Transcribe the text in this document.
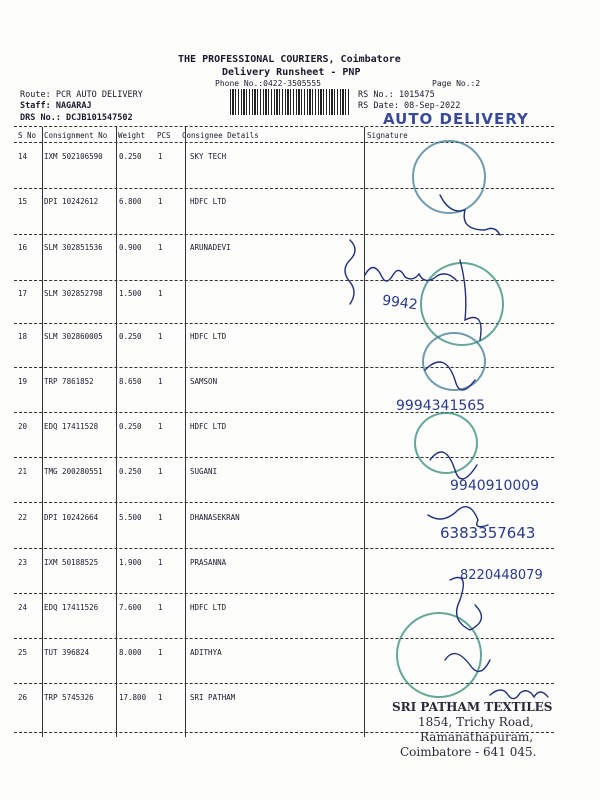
THE PROFESSIONAL COURIERS, Coimbatore
Delivery Runsheet - PNP
Phone No.:0422-3505555	Page No.:2
Route: PCR AUTO DELIVERY
Staff: NAGARAJ
DRS No.: DCJB101547502
RS No.: 1015475
RS Date: 08-Sep-2022
AUTO DELIVERY
S No Consignment No Weight PCS Consignee Details	Signature
14 IXM 502106590 0.250 1	SKY TECH
15 DPI 10242612	6.800 1	HDFC LTD
16 SLM 302851536 0.900 1	ARUNADEVI
17 SLM 302852798 1.500 1
18 SLM 302860005 0.250 1	HDFC LTD
19 TRP 7861852	8.650 1	SAMSON
20 EDQ 17411528	0.250 1	HDFC LTD
21 TMG 200280551 0.250 1	SUGANI
22 DPI 10242664	5.500 1	DHANASEKRAN
23 IXM 50188525	1.900 1	PRASANNA
24 EDQ 17411526	7.600 1	HDFC LTD
25 TUT 396824	8.000 1	ADITHYA
26 TRP 5745326	17.800 1	SRI PATHAM
9942
9994341565
9940910009
6383357643
8220448079
SRI PATHAM TEXTILES
1854, Trichy Road,
Ramanathapuram,
Coimbatore - 641 045.
